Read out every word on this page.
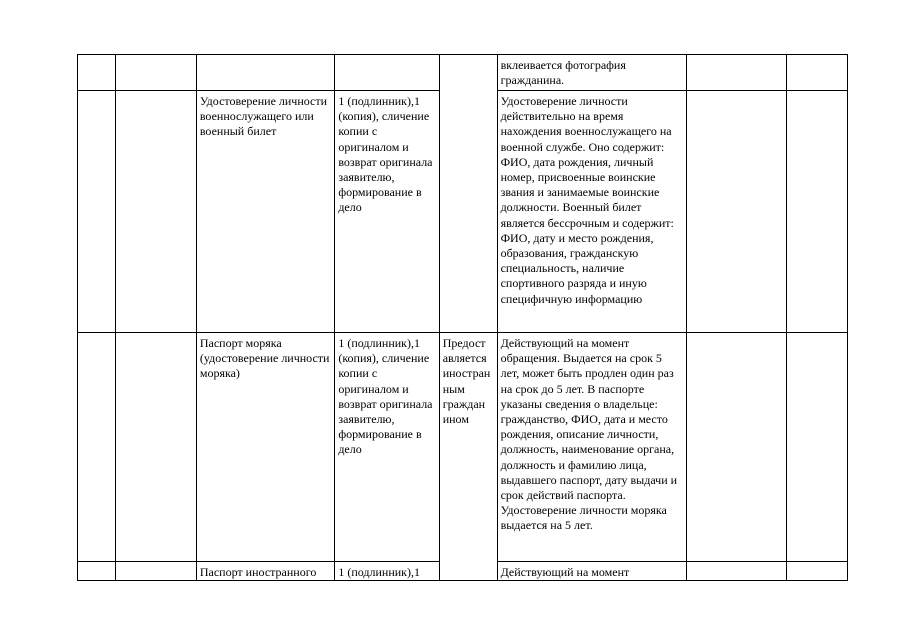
					вклеивается фотография гражданина.		
		Удостоверение личности военнослужащего или военный билет	1 (подлинник),1 (копия), сличение копии с оригиналом и возврат оригинала заявителю, формирование в дело		Удостоверение личности действительно на время нахождения военнослужащего на военной службе. Оно содержит: ФИО, дата рождения, личный номер, присвоенные воинские звания и занимаемые воинские должности. Военный билет является бессрочным и содержит: ФИО, дату и место рождения, образования, гражданскую специальность, наличие спортивного разряда и иную специфичную информацию		
		Паспорт моряка (удостоверение личности моряка)	1 (подлинник),1 (копия), сличение копии с оригиналом и возврат оригинала заявителю, формирование в дело	Предост авляется иностран ным граждан ином	Действующий на момент обращения. Выдается на срок 5 лет, может быть продлен один раз на срок до 5 лет. В паспорте указаны сведения о владельце: гражданство, ФИО, дата и место рождения, описание личности, должность, наименование органа, должность и фамилию лица, выдавшего паспорт, дату выдачи и срок действий паспорта. Удостоверение личности моряка выдается на 5 лет.		
		Паспорт иностранного	1 (подлинник),1		Действующий на момент		
